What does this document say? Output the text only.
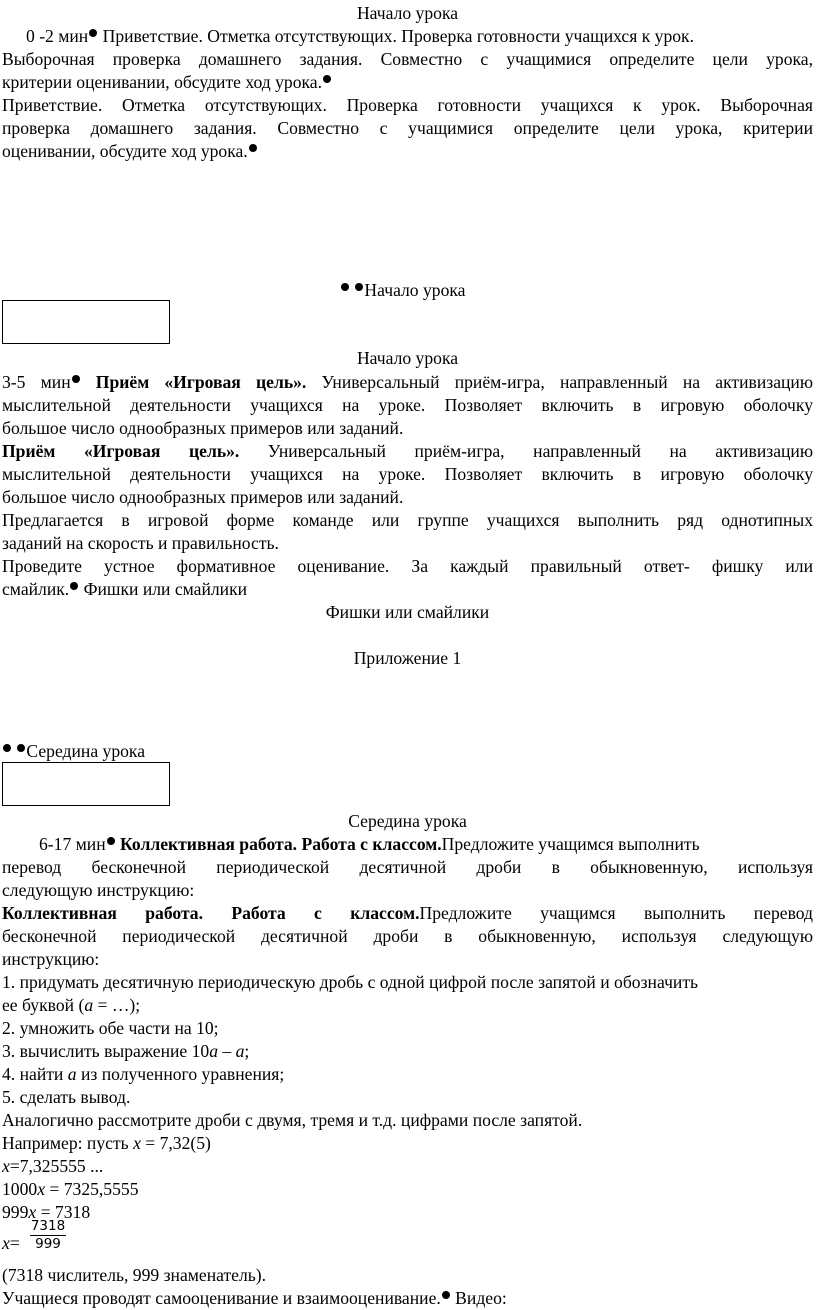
Начало урока
0 -2 мин Приветствие. Отметка отсутствующих. Проверка готовности учащихся к урок.
Выборочная проверка домашнего задания. Совместно с учащимися определите цели урока,
критерии оценивании, обсудите ход урока.
Приветствие. Отметка отсутствующих. Проверка готовности учащихся к урок. Выборочная
проверка домашнего задания. Совместно с учащимися определите цели урока, критерии
оценивании, обсудите ход урока.
Начало урока
Начало урока
3-5 мин Приём «Игровая цель». Универсальный приём-игра, направленный на активизацию
мыслительной деятельности учащихся на уроке. Позволяет включить в игровую оболочку
большое число однообразных примеров или заданий.
Приём «Игровая цель». Универсальный приём-игра, направленный на активизацию
мыслительной деятельности учащихся на уроке. Позволяет включить в игровую оболочку
большое число однообразных примеров или заданий.
Предлагается в игровой форме команде или группе учащихся выполнить ряд однотипных
заданий на скорость и правильность.
Проведите устное формативное оценивание. За каждый правильный ответ- фишку или
смайлик. Фишки или смайлики
Фишки или смайлики
Приложение 1
Середина урока
Середина урока
6-17 мин Коллективная работа. Работа с классом.Предложите учащимся выполнить
перевод бесконечной периодической десятичной дроби в обыкновенную, используя
следующую инструкцию:
Коллективная работа. Работа с классом.Предложите учащимся выполнить перевод
бесконечной периодической десятичной дроби в обыкновенную, используя следующую
инструкцию:
1. придумать десятичную периодическую дробь с одной цифрой после запятой и обозначить
ее буквой (a = …);
2. умножить обе части на 10;
3. вычислить выражение 10a – a;
4. найти a из полученного уравнения;
5. сделать вывод.
Аналогично рассмотрите дроби с двумя, тремя и т.д. цифрами после запятой.
Например: пусть x = 7,32(5)
x=7,325555 ...
1000x = 7325,5555
999x = 7318
x=
7318
999
(7318 числитель, 999 знаменатель).
Учащиеся проводят самооценивание и взаимооценивание. Видео:
